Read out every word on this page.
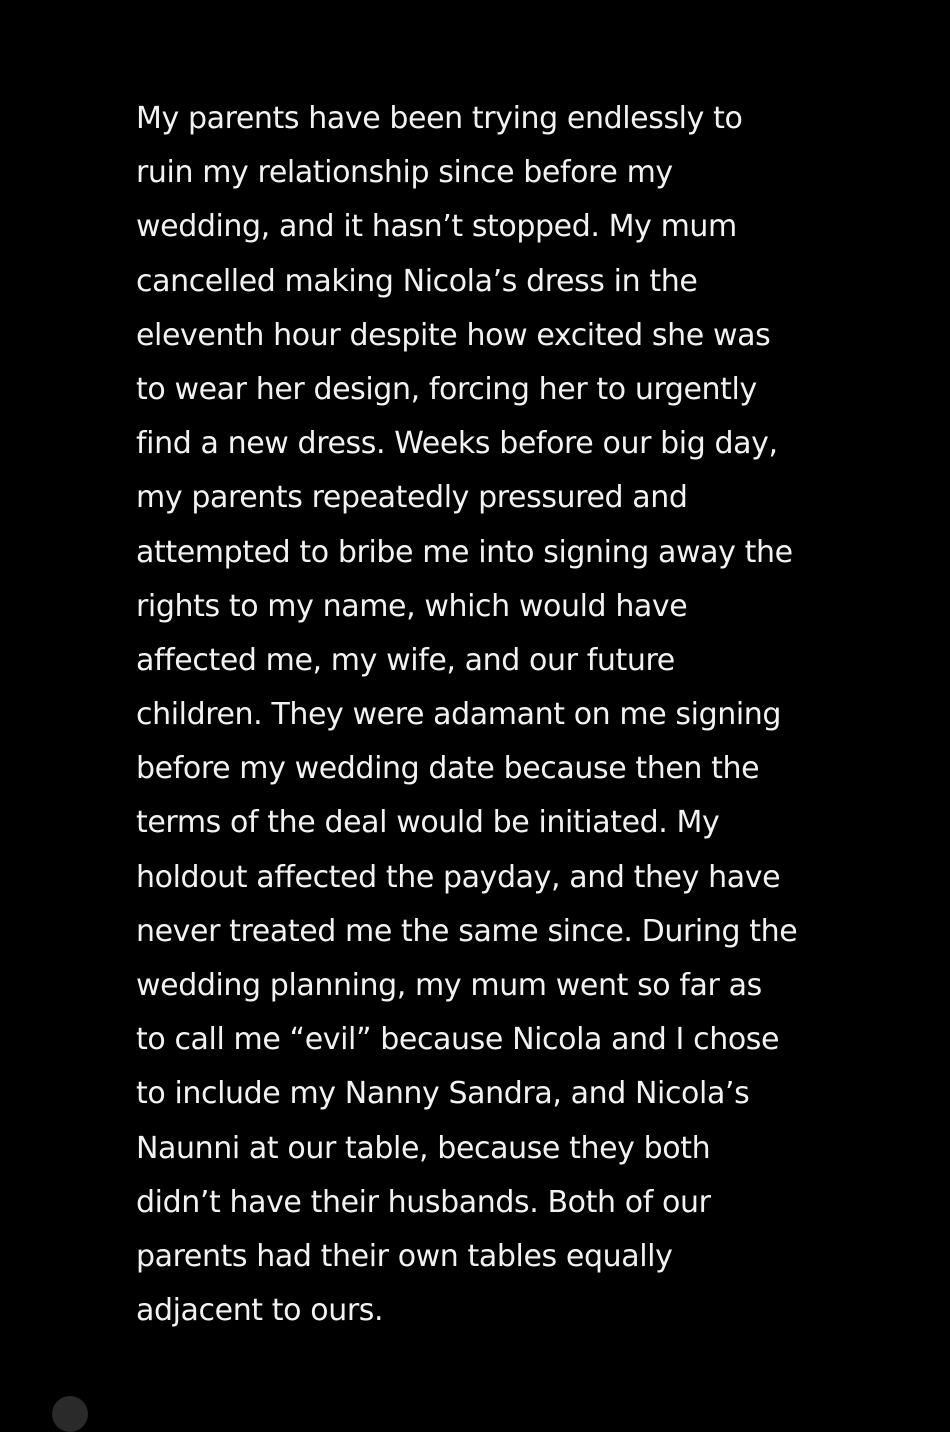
My parents have been trying endlessly to
ruin my relationship since before my
wedding, and it hasn’t stopped. My mum
cancelled making Nicola’s dress in the
eleventh hour despite how excited she was
to wear her design, forcing her to urgently
find a new dress. Weeks before our big day,
my parents repeatedly pressured and
attempted to bribe me into signing away the
rights to my name, which would have
affected me, my wife, and our future
children. They were adamant on me signing
before my wedding date because then the
terms of the deal would be initiated. My
holdout affected the payday, and they have
never treated me the same since. During the
wedding planning, my mum went so far as
to call me “evil” because Nicola and I chose
to include my Nanny Sandra, and Nicola’s
Naunni at our table, because they both
didn’t have their husbands. Both of our
parents had their own tables equally
adjacent to ours.
